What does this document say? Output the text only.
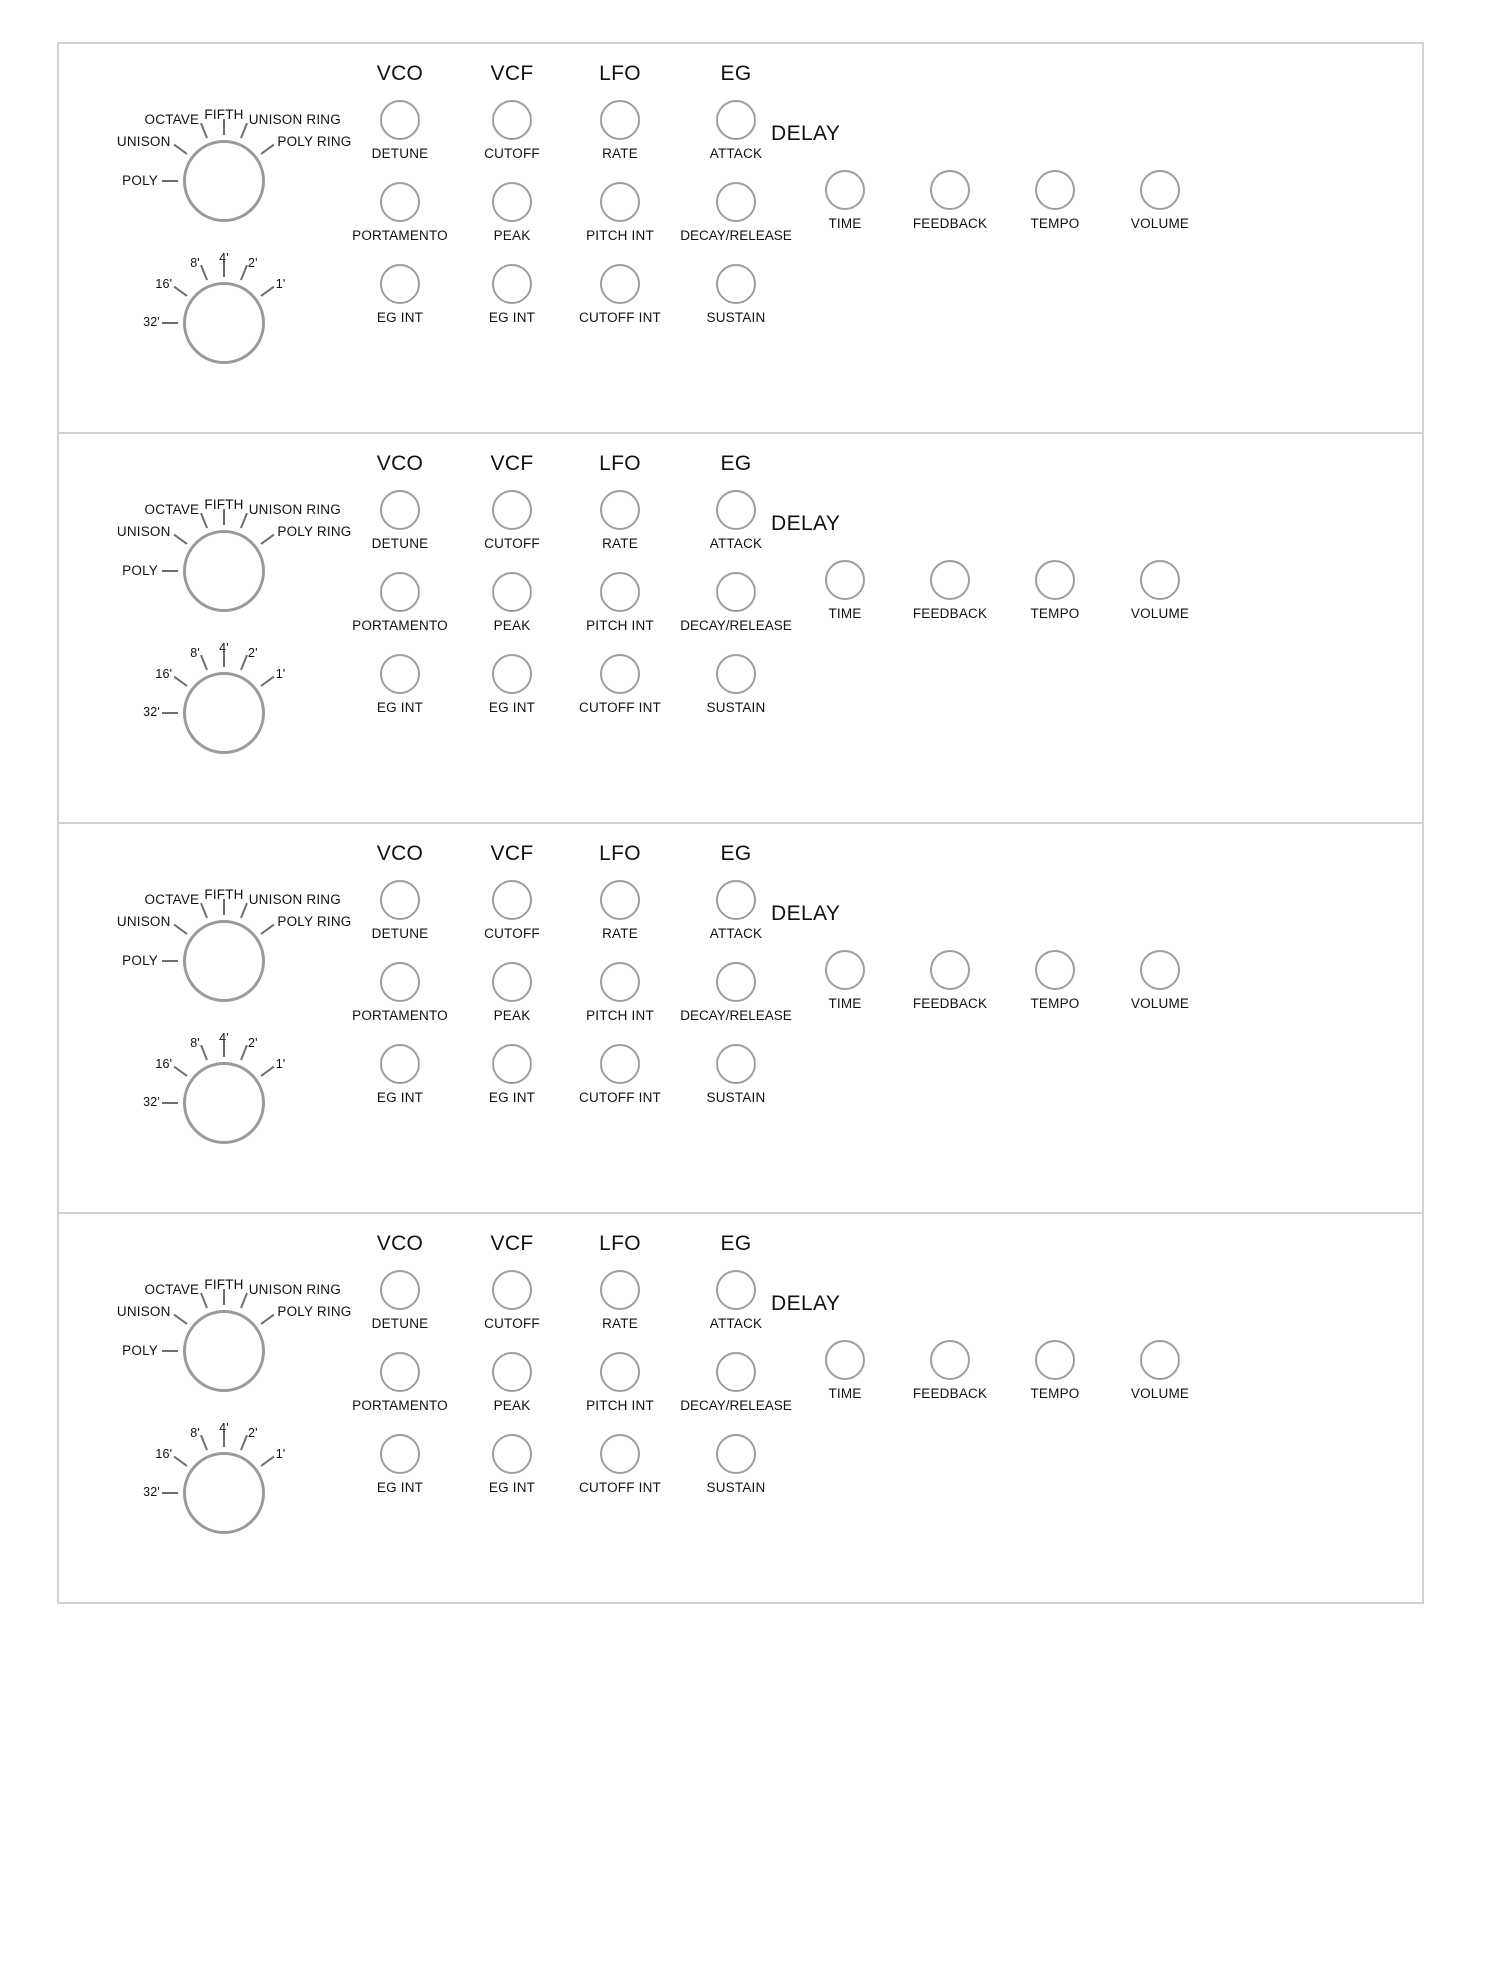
POLY
UNISON
OCTAVE FIFTH UNISON RING
POLY RING
32'
16'
8' 4' 2'
1'
VCO
DETUNE
PORTAMENTO
EG INT
VCF
CUTOFF
PEAK
EG INT
LFO
RATE
PITCH INT
CUTOFF INT
EG
ATTACK
DECAY/RELEASE
SUSTAIN
DELAY
TIME	FEEDBACK	TEMPO	VOLUME
POLY
UNISON
OCTAVE FIFTH UNISON RING
POLY RING
32'
16'
8' 4' 2'
1'
VCO
DETUNE
PORTAMENTO
EG INT
VCF
CUTOFF
PEAK
EG INT
LFO
RATE
PITCH INT
CUTOFF INT
EG
ATTACK
DECAY/RELEASE
SUSTAIN
DELAY
TIME	FEEDBACK	TEMPO	VOLUME
POLY
UNISON
OCTAVE FIFTH UNISON RING
POLY RING
32'
16'
8' 4' 2'
1'
VCO
DETUNE
PORTAMENTO
EG INT
VCF
CUTOFF
PEAK
EG INT
LFO
RATE
PITCH INT
CUTOFF INT
EG
ATTACK
DECAY/RELEASE
SUSTAIN
DELAY
TIME	FEEDBACK	TEMPO	VOLUME
POLY
UNISON
OCTAVE FIFTH UNISON RING
POLY RING
32'
16'
8' 4' 2'
1'
VCO
DETUNE
PORTAMENTO
EG INT
VCF
CUTOFF
PEAK
EG INT
LFO
RATE
PITCH INT
CUTOFF INT
EG
ATTACK
DECAY/RELEASE
SUSTAIN
DELAY
TIME	FEEDBACK	TEMPO	VOLUME
